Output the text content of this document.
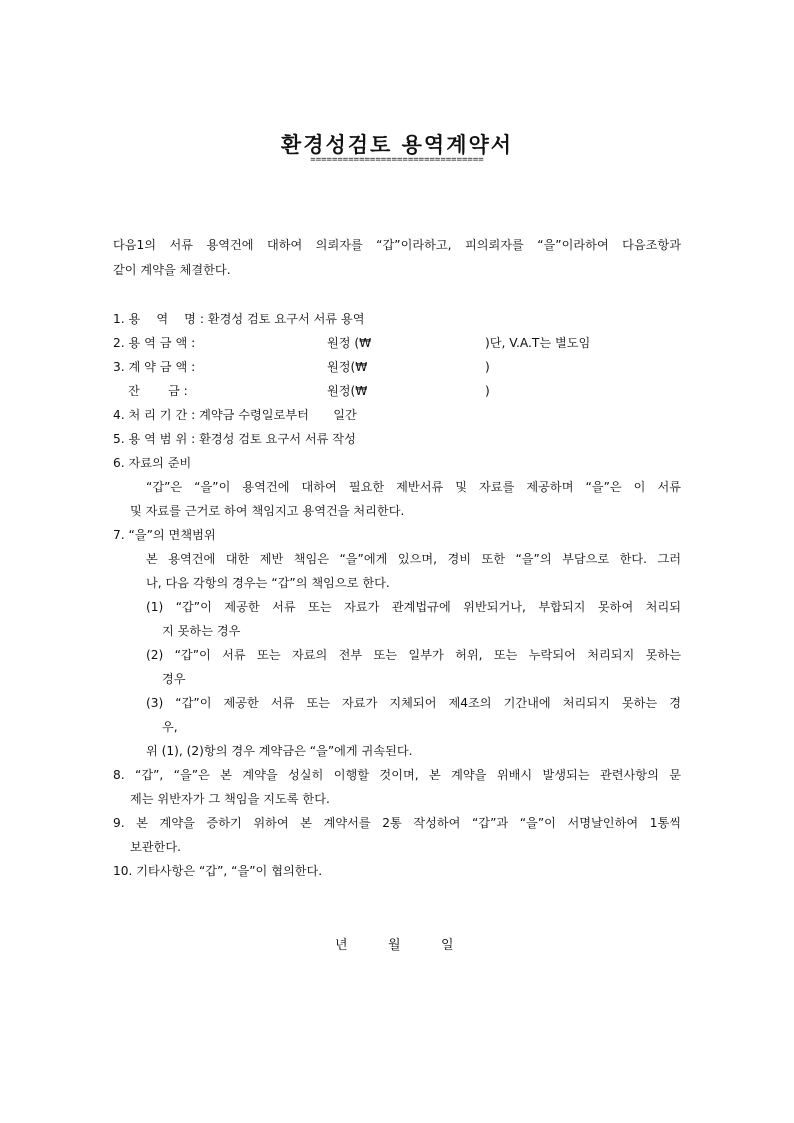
환경성검토 용역계약서
================================
다음1의 서류 용역건에 대하여 의뢰자를 “갑”이라하고, 피의뢰자를 “을”이라하여 다음조항과
같이 계약을 체결한다.
1. 용　 역　 명 : 환경성 검토 요구서 서류 용역
2. 용 역 금 액 :	원정 (₩	)단, V.A.T는 별도임
3. 계 약 금 액 :	원정(₩	)
잔　　 금 :	원정(₩	)
4. 처 리 기 간 : 계약금 수령일로부터　　일간
5. 용 역 범 위 : 환경성 검토 요구서 서류 작성
6. 자료의 준비
“갑”은 “을”이 용역건에 대하여 필요한 제반서류 및 자료를 제공하며 “을”은 이 서류
및 자료를 근거로 하여 책임지고 용역건을 처리한다.
7. “을”의 면책범위
본 용역건에 대한 제반 책임은 “을”에게 있으며, 경비 또한 “을”의 부담으로 한다. 그러
나, 다음 각항의 경우는 “갑”의 책임으로 한다.
(1) “갑”이 제공한 서류 또는 자료가 관계법규에 위반되거나, 부합되지 못하여 처리되
지 못하는 경우
(2) “갑”이 서류 또는 자료의 전부 또는 일부가 허위, 또는 누락되어 처리되지 못하는
경우
(3) “갑”이 제공한 서류 또는 자료가 지체되어 제4조의 기간내에 처리되지 못하는 경
우,
위 (1), (2)항의 경우 계약금은 “을”에게 귀속된다.
8. “갑”, “을”은 본 계약을 성실히 이행할 것이며, 본 계약을 위배시 발생되는 관련사항의 문
제는 위반자가 그 책임을 지도록 한다.
9. 본 계약을 증하기 위하여 본 계약서를 2통 작성하여 “갑”과 “을”이 서명날인하여 1통씩
보관한다.
10. 기타사항은 “갑”, “을”이 협의한다.
년	월	일
